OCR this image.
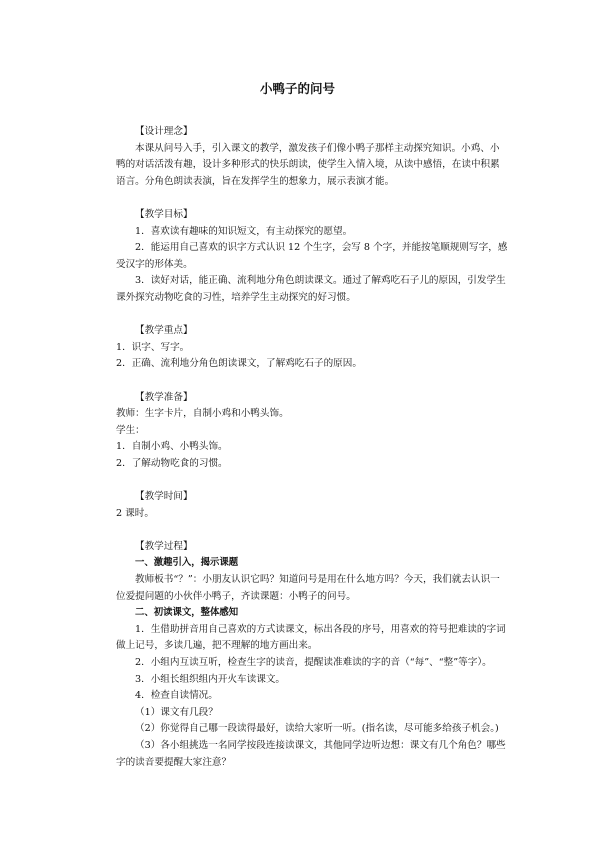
小鸭子的问号

【设计理念】

本课从问号入手，引入课文的教学，激发孩子们像小鸭子那样主动探究知识。小鸡、小鸭的对话活泼有趣，设计多种形式的快乐朗读，使学生入情入境，从读中感悟，在读中积累语言。分角色朗读表演，旨在发挥学生的想象力，展示表演才能。

【教学目标】

1．喜欢读有趣味的知识短文，有主动探究的愿望。

2．能运用自己喜欢的识字方式认识 12 个生字，会写 8 个字，并能按笔顺规则写字，感受汉字的形体美。

3．读好对话，能正确、流利地分角色朗读课文。通过了解鸡吃石子儿的原因，引发学生课外探究动物吃食的习性，培养学生主动探究的好习惯。

【教学重点】

1．识字、写字。

2．正确、流利地分角色朗读课文，了解鸡吃石子的原因。

【教学准备】

教师：生字卡片，自制小鸡和小鸭头饰。

学生：

1．自制小鸡、小鸭头饰。

2．了解动物吃食的习惯。

【教学时间】

2 课时。

【教学过程】

一、激趣引入，揭示课题

教师板书“？”：小朋友认识它吗？知道问号是用在什么地方吗？今天，我们就去认识一位爱提问题的小伙伴小鸭子，齐读课题：小鸭子的问号。

二、初读课文，整体感知

1．生借助拼音用自己喜欢的方式读课文，标出各段的序号，用喜欢的符号把难读的字词做上记号，多读几遍，把不理解的地方画出来。

2．小组内互读互听，检查生字的读音，提醒读准难读的字的音（“每”、“整”等字）。

3．小组长组织组内开火车读课文。

4．检查自读情况。

（1）课文有几段？

（2）你觉得自己哪一段读得最好，读给大家听一听。(指名读，尽可能多给孩子机会。)

（3）各小组挑选一名同学按段连接读课文，其他同学边听边想：课文有几个角色？哪些字的读音要提醒大家注意？
